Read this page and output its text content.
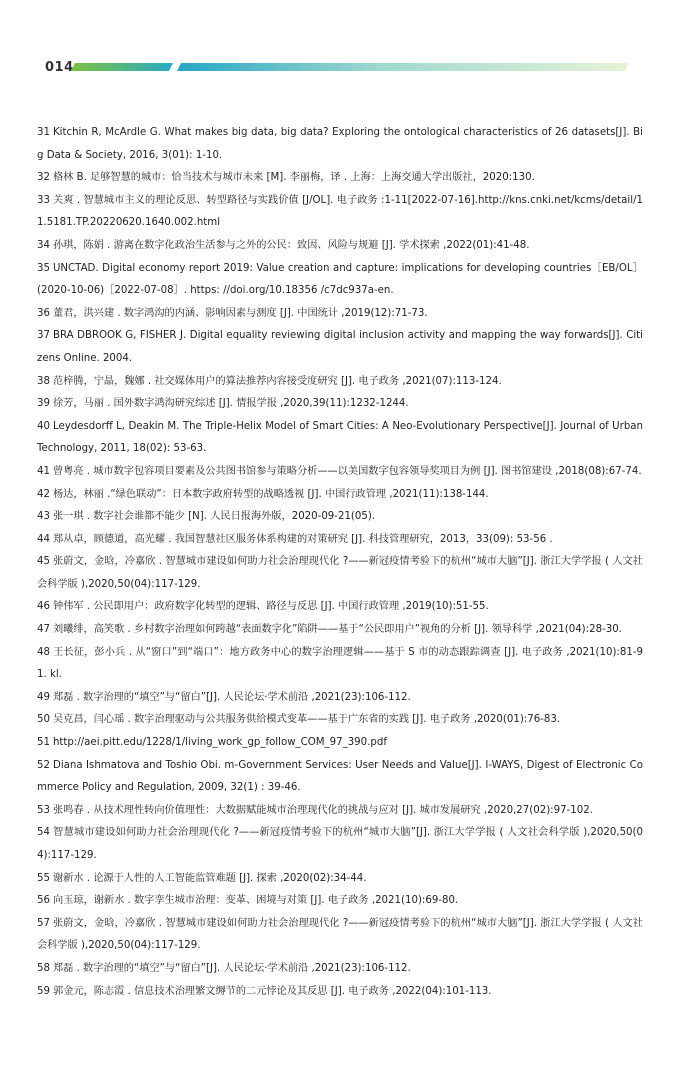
014
31 Kitchin R, McArdle G. What makes big data, big data? Exploring the ontological characteristics of 26 datasets[J]. Big Data & Society, 2016, 3(01): 1-10.
32 格林 B. 足够智慧的城市：恰当技术与城市未来 [M]. 李丽梅，译 . 上海：上海交通大学出版社，2020:130.
33 关爽 . 智慧城市主义的理论反思、转型路径与实践价值 [J/OL]. 电子政务 :1-11[2022-07-16].http://kns.cnki.net/kcms/detail/11.5181.TP.20220620.1640.002.html
34 孙琪，陈娟 . 游离在数字化政治生活参与之外的公民：致因、风险与规避 [J]. 学术探索 ,2022(01):41-48.
35 UNCTAD. Digital economy report 2019: Value creation and capture: implications for developing countries［EB/OL］(2020-10-06)［2022-07-08］. https: //doi.org/10.18356 /c7dc937a-en.
36 董君，洪兴建 . 数字鸿沟的内涵、影响因素与测度 [J]. 中国统计 ,2019(12):71-73.
37 BRA DBROOK G, FISHER J. Digital equality reviewing digital inclusion activity and mapping the way forwards[J]. Citizens Online. 2004.
38 范梓腾，宁晶，魏娜 . 社交媒体用户的算法推荐内容接受度研究 [J]. 电子政务 ,2021(07):113-124.
39 徐芳，马丽 . 国外数字鸿沟研究综述 [J]. 情报学报 ,2020,39(11):1232-1244.
40 Leydesdorff L, Deakin M. The Triple-Helix Model of Smart Cities: A Neo-Evolutionary Perspective[J]. Journal of Urban Technology, 2011, 18(02): 53-63.
41 曾粤亮 . 城市数字包容项目要素及公共图书馆参与策略分析——以美国数字包容领导奖项目为例 [J]. 图书馆建设 ,2018(08):67-74.
42 杨达，林丽 .“绿色联动”：日本数字政府转型的战略透视 [J]. 中国行政管理 ,2021(11):138-144.
43 张一琪 . 数字社会谁都不能少 [N]. 人民日报海外版，2020-09-21(05).
44 郑从卓，顾德道，高光耀 . 我国智慧社区服务体系构建的对策研究 [J]. 科技管理研究，2013，33(09): 53-56 .
45 张蔚文，金晗，冷嘉欣 . 智慧城市建设如何助力社会治理现代化 ?——新冠疫情考验下的杭州“城市大脑”[J]. 浙江大学学报 ( 人文社会科学版 ),2020,50(04):117-129.
46 钟伟军 . 公民即用户：政府数字化转型的逻辑、路径与反思 [J]. 中国行政管理 ,2019(10):51-55.
47 刘曦绯，高笑歌 . 乡村数字治理如何跨越“表面数字化”陷阱——基于“公民即用户”视角的分析 [J]. 领导科学 ,2021(04):28-30.
48 王长征，彭小兵 . 从“窗口”到“端口”：地方政务中心的数字治理逻辑——基于 S 市的动态跟踪调查 [J]. 电子政务 ,2021(10):81-91. kl.
49 郑磊 . 数字治理的“填空”与“留白”[J]. 人民论坛·学术前沿 ,2021(23):106-112.
50 吴克昌，闫心瑶 . 数字治理驱动与公共服务供给模式变革——基于广东省的实践 [J]. 电子政务 ,2020(01):76-83.
51 http://aei.pitt.edu/1228/1/living_work_gp_follow_COM_97_390.pdf
52 Diana Ishmatova and Toshio Obi. m-Government Services: User Needs and Value[J]. I-WAYS, Digest of Electronic Commerce Policy and Regulation, 2009, 32(1) : 39-46.
53 张鸣春 . 从技术理性转向价值理性：大数据赋能城市治理现代化的挑战与应对 [J]. 城市发展研究 ,2020,27(02):97-102.
54 智慧城市建设如何助力社会治理现代化 ?——新冠疫情考验下的杭州“城市大脑”[J]. 浙江大学学报 ( 人文社会科学版 ),2020,50(04):117-129.
55 谢新水 . 论源于人性的人工智能监管难题 [J]. 探索 ,2020(02):34-44.
56 向玉琼，谢新水 . 数字孪生城市治理：变革、困境与对策 [J]. 电子政务 ,2021(10):69-80.
57 张蔚文，金晗，冷嘉欣 . 智慧城市建设如何助力社会治理现代化 ?——新冠疫情考验下的杭州“城市大脑”[J]. 浙江大学学报 ( 人文社会科学版 ),2020,50(04):117-129.
58 郑磊 . 数字治理的“填空”与“留白”[J]. 人民论坛·学术前沿 ,2021(23):106-112.
59 郭金元，陈志霞 . 信息技术治理繁文缛节的二元悖论及其反思 [J]. 电子政务 ,2022(04):101-113.
